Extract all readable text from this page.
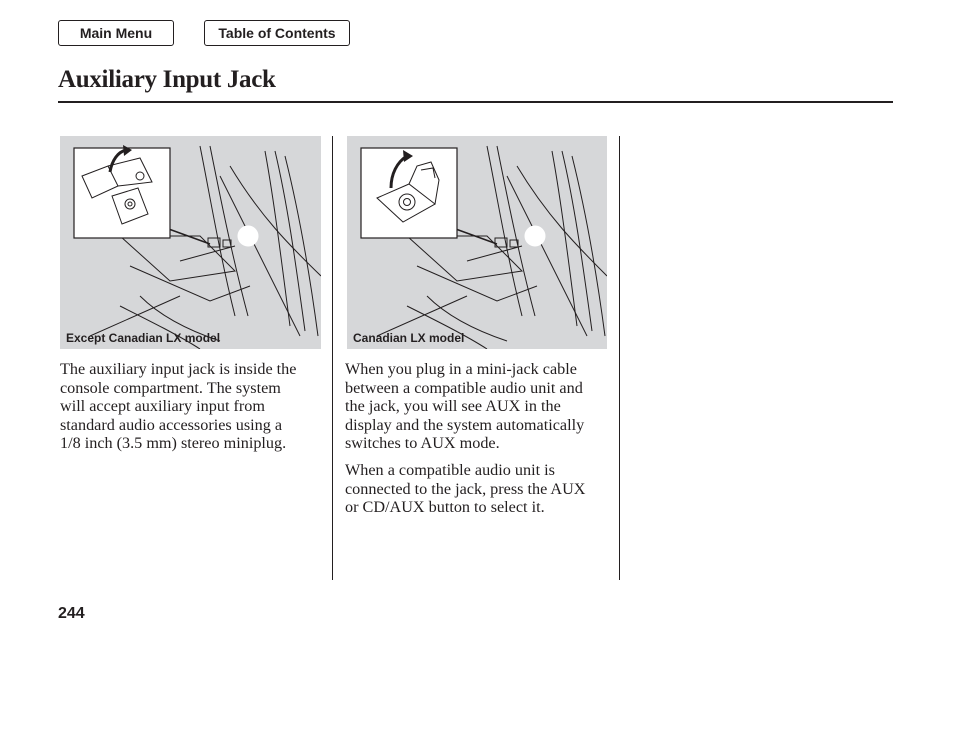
Main Menu	Table of Contents
Auxiliary Input Jack
Except Canadian LX model	Canadian LX model

The auxiliary input jack is inside the
console compartment. The system
will accept auxiliary input from
standard audio accessories using a
1/8 inch (3.5 mm) stereo miniplug.

When you plug in a mini-jack cable
between a compatible audio unit and
the jack, you will see AUX in the
display and the system automatically
switches to AUX mode.

When a compatible audio unit is
connected to the jack, press the AUX
or CD/AUX button to select it.

244
